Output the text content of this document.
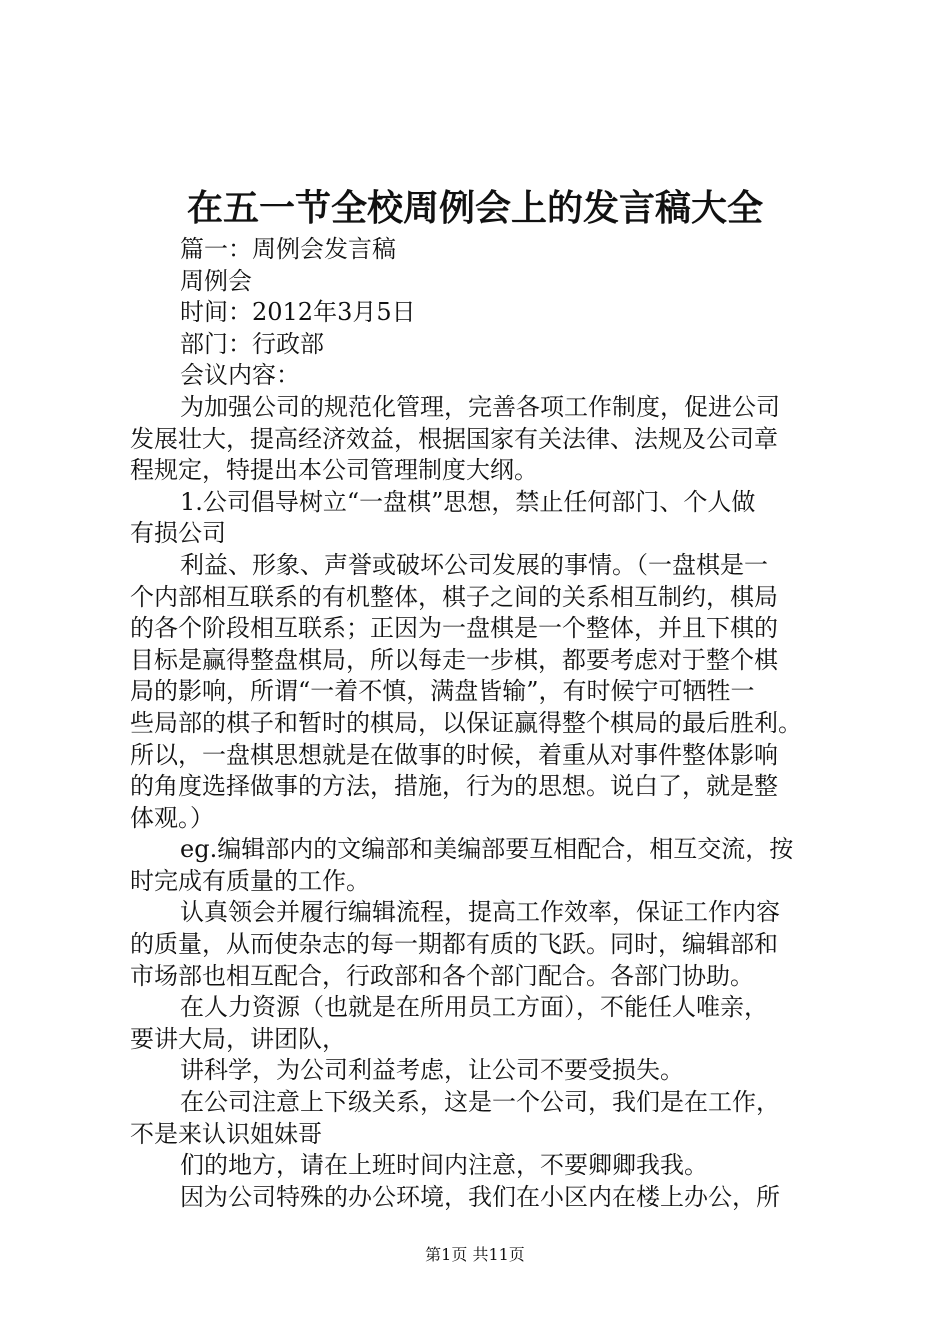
在五一节全校周例会上的发言稿大全
篇一：周例会发言稿
周例会
时间：2012年3月5日
部门：行政部
会议内容：
为加强公司的规范化管理，完善各项工作制度，促进公司
发展壮大，提高经济效益，根据国家有关法律、法规及公司章
程规定，特提出本公司管理制度大纲。
1.公司倡导树立“一盘棋”思想，禁止任何部门、个人做
有损公司
利益、形象、声誉或破坏公司发展的事情。（一盘棋是一
个内部相互联系的有机整体，棋子之间的关系相互制约，棋局
的各个阶段相互联系；正因为一盘棋是一个整体，并且下棋的
目标是赢得整盘棋局，所以每走一步棋，都要考虑对于整个棋
局的影响，所谓“一着不慎，满盘皆输”，有时候宁可牺牲一
些局部的棋子和暂时的棋局，以保证赢得整个棋局的最后胜利。
所以，一盘棋思想就是在做事的时候，着重从对事件整体影响
的角度选择做事的方法，措施，行为的思想。说白了，就是整
体观。）
eg.编辑部内的文编部和美编部要互相配合，相互交流，按
时完成有质量的工作。
认真领会并履行编辑流程，提高工作效率，保证工作内容
的质量，从而使杂志的每一期都有质的飞跃。同时，编辑部和
市场部也相互配合，行政部和各个部门配合。各部门协助。
在人力资源（也就是在所用员工方面），不能任人唯亲，
要讲大局，讲团队，
讲科学，为公司利益考虑，让公司不要受损失。
在公司注意上下级关系，这是一个公司，我们是在工作，
不是来认识姐妹哥
们的地方，请在上班时间内注意，不要卿卿我我。
因为公司特殊的办公环境，我们在小区内在楼上办公，所
第1页 共11页
